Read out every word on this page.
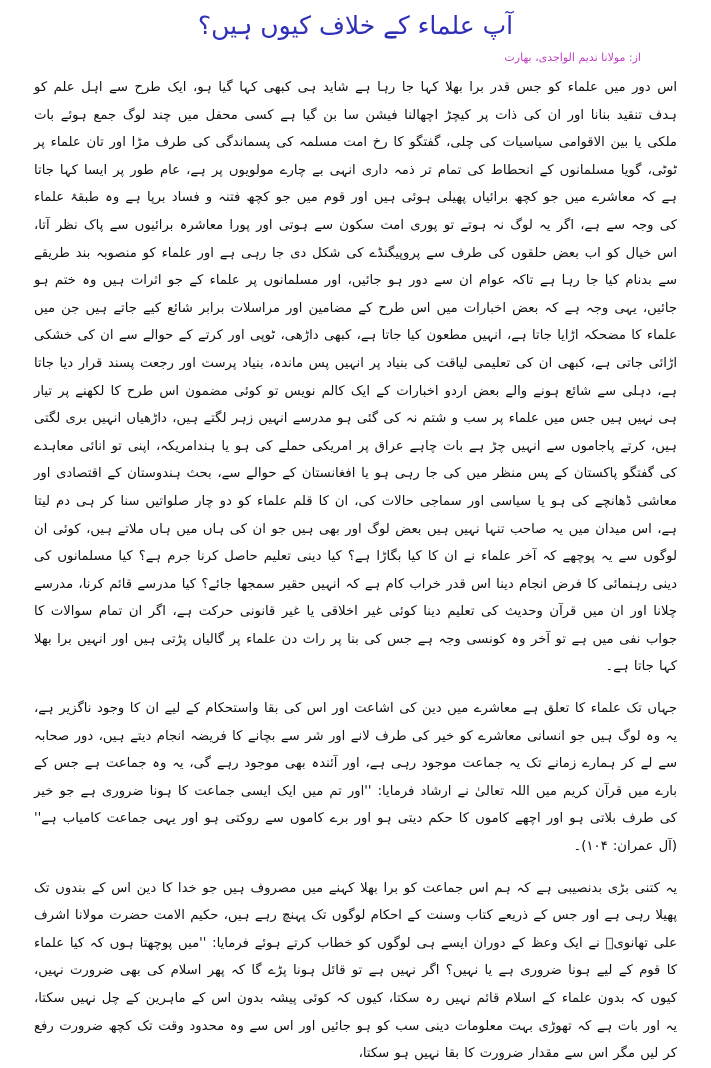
آپ علماء کے خلاف کیوں ہیں؟
از: مولانا ندیم الواجدی، بھارت

اس دور میں علماء کو جس قدر برا بھلا کہا جا رہا ہے شاید ہی کبھی کہا گیا ہو، ایک طرح سے اہل علم کو ہدف تنقید بنانا اور ان کی ذات پر کیچڑ اچھالنا فیشن سا بن گیا ہے کسی محفل میں چند لوگ جمع ہوئے بات ملکی یا بین الاقوامی سیاسیات کی چلی، گفتگو کا رخ امت مسلمہ کی پسماندگی کی طرف مڑا اور تان علماء پر ٹوٹی، گویا مسلمانوں کے انحطاط کی تمام تر ذمہ داری انہی بے چارے مولویوں پر ہے، عام طور پر ایسا کہا جاتا ہے کہ معاشرے میں جو کچھ برائیاں پھیلی ہوئی ہیں اور قوم میں جو کچھ فتنہ و فساد برپا ہے وہ طبقۂ علماء کی وجہ سے ہے، اگر یہ لوگ نہ ہوتے تو پوری امت سکون سے ہوتی اور پورا معاشرہ برائیوں سے پاک نظر آتا، اس خیال کو اب بعض حلقوں کی طرف سے پروپیگنڈے کی شکل دی جا رہی ہے اور علماء کو منصوبہ بند طریقے سے بدنام کیا جا رہا ہے تاکہ عوام ان سے دور ہو جائیں، اور مسلمانوں پر علماء کے جو اثرات ہیں وہ ختم ہو جائیں، یہی وجہ ہے کہ بعض اخبارات میں اس طرح کے مضامین اور مراسلات برابر شائع کیے جاتے ہیں جن میں علماء کا مضحکہ اڑایا جاتا ہے، انہیں مطعون کیا جاتا ہے، کبھی داڑھی، ٹوپی اور کرتے کے حوالے سے ان کی خشکی اڑائی جاتی ہے، کبھی ان کی تعلیمی لیاقت کی بنیاد پر انہیں پس ماندہ، بنیاد پرست اور رجعت پسند قرار دیا جاتا ہے، دہلی سے شائع ہونے والے بعض اردو اخبارات کے ایک کالم نویس تو کوئی مضمون اس طرح کا لکھنے پر تیار ہی نہیں ہیں جس میں علماء پر سب و شتم نہ کی گئی ہو مدرسے انہیں زہر لگتے ہیں، داڑھیاں انہیں بری لگتی ہیں، کرتے پاجاموں سے انہیں چڑ ہے بات چاہے عراق پر امریکی حملے کی ہو یا ہندامریکہ، اپنی تو انائی معاہدے کی گفتگو پاکستان کے پس منظر میں کی جا رہی ہو یا افغانستان کے حوالے سے، بحث ہندوستان کے اقتصادی اور معاشی ڈھانچے کی ہو یا سیاسی اور سماجی حالات کی، ان کا قلم علماء کو دو چار صلواتیں سنا کر ہی دم لیتا ہے، اس میدان میں یہ صاحب تنہا نہیں ہیں بعض لوگ اور بھی ہیں جو ان کی ہاں میں ہاں ملاتے ہیں، کوئی ان لوگوں سے یہ پوچھے کہ آخر علماء نے ان کا کیا بگاڑا ہے؟ کیا دینی تعلیم حاصل کرنا جرم ہے؟ کیا مسلمانوں کی دینی رہنمائی کا فرض انجام دینا اس قدر خراب کام ہے کہ انہیں حقیر سمجھا جائے؟ کیا مدرسے قائم کرنا، مدرسے چلانا اور ان میں قرآن وحدیث کی تعلیم دینا کوئی غیر اخلاقی یا غیر قانونی حرکت ہے، اگر ان تمام سوالات کا جواب نفی میں ہے تو آخر وہ کونسی وجہ ہے جس کی بنا پر رات دن علماء پر گالیاں پڑتی ہیں اور انہیں برا بھلا کہا جاتا ہے۔

جہاں تک علماء کا تعلق ہے معاشرے میں دین کی اشاعت اور اس کی بقا واستحکام کے لیے ان کا وجود ناگزیر ہے، یہ وہ لوگ ہیں جو انسانی معاشرے کو خیر کی طرف لانے اور شر سے بچانے کا فریضہ انجام دیتے ہیں، دور صحابہ سے لے کر ہمارے زمانے تک یہ جماعت موجود رہی ہے، اور آئندہ بھی موجود رہے گی، یہ وہ جماعت ہے جس کے بارے میں قرآن کریم میں اللہ تعالیٰ نے ارشاد فرمایا: ''اور تم میں ایک ایسی جماعت کا ہونا ضروری ہے جو خیر کی طرف بلاتی ہو اور اچھے کاموں کا حکم دیتی ہو اور برے کاموں سے روکتی ہو اور یہی جماعت کامیاب ہے'' (آل عمران: ۱۰۴)۔

یہ کتنی بڑی بدنصیبی ہے کہ ہم اس جماعت کو برا بھلا کہنے میں مصروف ہیں جو خدا کا دین اس کے بندوں تک پھیلا رہی ہے اور جس کے ذریعے کتاب وسنت کے احکام لوگوں تک پہنچ رہے ہیں، حکیم الامت حضرت مولانا اشرف علی تھانویؒ نے ایک وعظ کے دوران ایسے ہی لوگوں کو خطاب کرتے ہوئے فرمایا: ''میں پوچھتا ہوں کہ کیا علماء کا قوم کے لیے ہونا ضروری ہے یا نہیں؟ اگر نہیں ہے تو قائل ہونا پڑے گا کہ پھر اسلام کی بھی ضرورت نہیں، کیوں کہ بدون علماء کے اسلام قائم نہیں رہ سکتا، کیوں کہ کوئی پیشہ بدون اس کے ماہرین کے چل نہیں سکتا، یہ اور بات ہے کہ تھوڑی بہت معلومات دینی سب کو ہو جائیں اور اس سے وہ محدود وقت تک کچھ ضرورت رفع کر لیں مگر اس سے مقدار ضرورت کا بقا نہیں ہو سکتا،
